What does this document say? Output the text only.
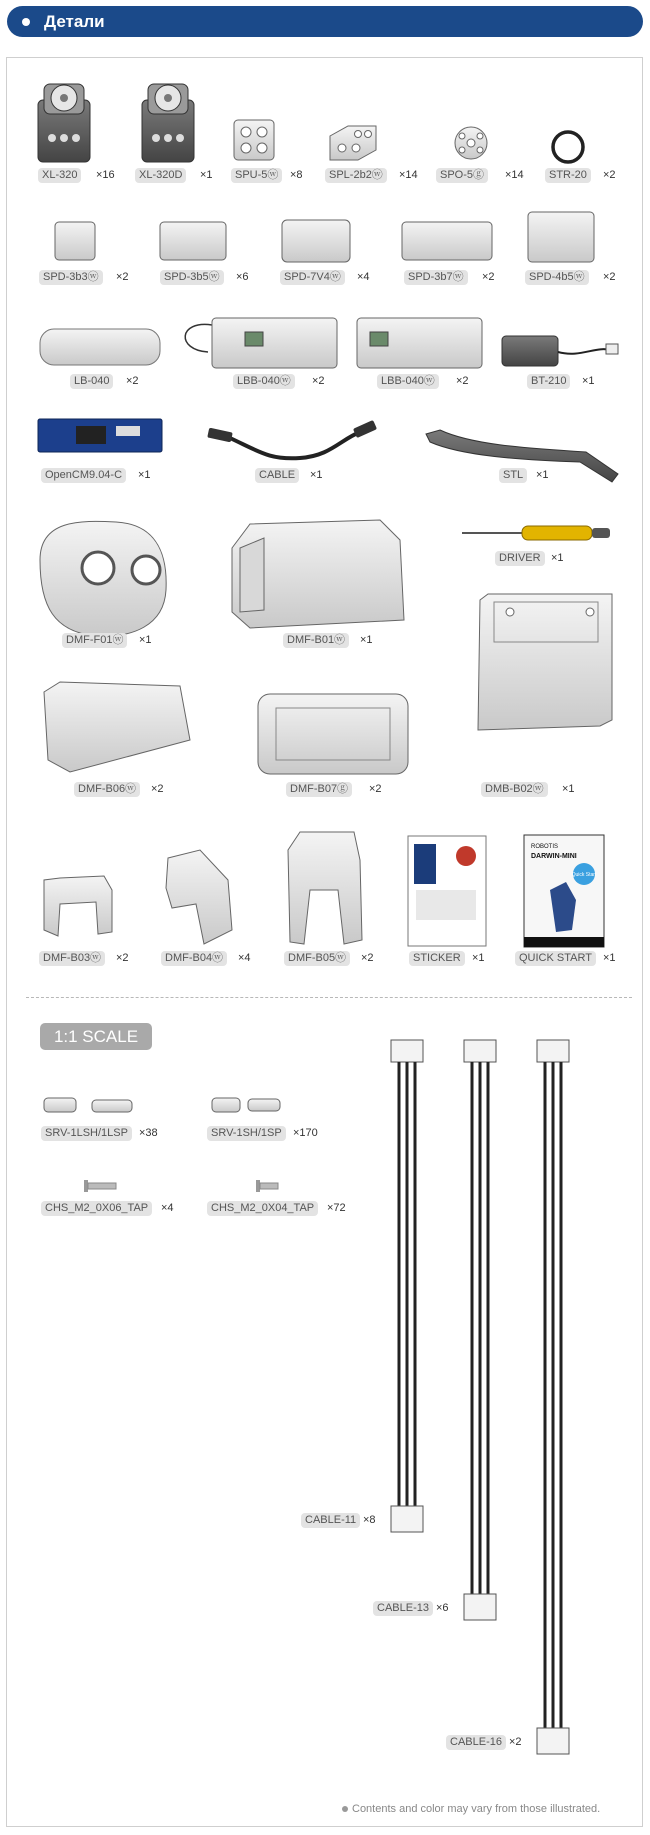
Детали
ROBOTIS
DARWIN-MINI
Quick Start
XL-320	×16	XL-320D	×1	SPU-5ⓦ	×8	SPL-2b2ⓦ	×14	SPO-5ⓖ	×14	STR-20	×2
SPD-3b3ⓦ	×2	SPD-3b5ⓦ	×6	SPD-7V4ⓦ	×4	SPD-3b7ⓦ	×2	SPD-4b5ⓦ	×2
LB-040	×2	LBB-040ⓦ	×2	LBB-040ⓦ	×2	BT-210	×1
OpenCM9.04-C	×1	CABLE	×1	STL	×1
DRIVER ×1
DMF-F01ⓦ	×1	DMF-B01ⓦ	×1
DMF-B06ⓦ	×2	DMF-B07ⓖ	×2	DMB-B02ⓦ	×1
DMF-B03ⓦ	×2	DMF-B04ⓦ	×4	DMF-B05ⓦ	×2	STICKER	×1	QUICK START	×1
1:1 SCALE
SRV-1LSH/1LSP	×38	SRV-1SH/1SP	×170
CHS_M2_0X06_TAP	×4	CHS_M2_0X04_TAP	×72
CABLE-11 ×8
CABLE-13 ×6
CABLE-16 ×2
Contents and color may vary from those illustrated.
